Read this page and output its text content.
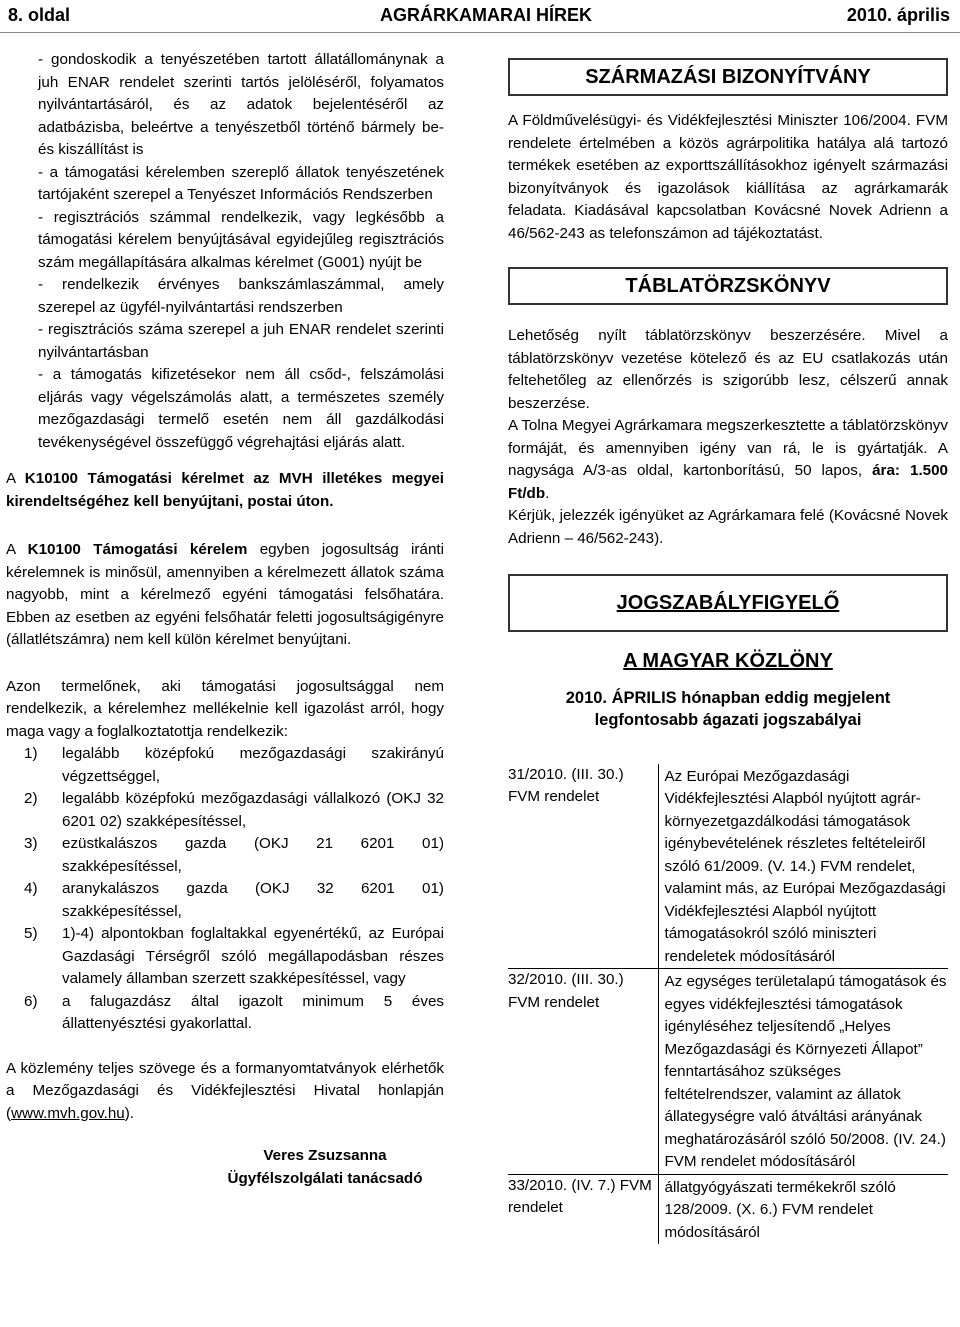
8. oldal	AGRÁRKAMARAI HÍREK	2010. április
- gondoskodik a tenyészetében tartott állatállománynak a juh ENAR rendelet szerinti tartós jelöléséről, folyamatos nyilvántartásáról, és az adatok bejelentéséről az adatbázisba, beleértve a tenyészetből történő bármely be- és kiszállítást is
- a támogatási kérelemben szereplő állatok tenyészetének tartójaként szerepel a Tenyészet Információs Rendszerben
- regisztrációs számmal rendelkezik, vagy legkésőbb a támogatási kérelem benyújtásával egyidejűleg regisztrációs szám megállapítására alkalmas kérelmet (G001) nyújt be
- rendelkezik érvényes bankszámlaszámmal, amely szerepel az ügyfél-nyilvántartási rendszerben
- regisztrációs száma szerepel a juh ENAR rendelet szerinti nyilvántartásban
- a támogatás kifizetésekor nem áll csőd-, felszámolási eljárás vagy végelszámolás alatt, a természetes személy mezőgazdasági termelő esetén nem áll gazdálkodási tevékenységével összefüggő végrehajtási eljárás alatt.
A K10100 Támogatási kérelmet az MVH illetékes megyei kirendeltségéhez kell benyújtani, postai úton.
A K10100 Támogatási kérelem egyben jogosultság iránti kérelemnek is minősül, amennyiben a kérelmezett állatok száma nagyobb, mint a kérelmező egyéni támogatási felsőhatára. Ebben az esetben az egyéni felsőhatár feletti jogosultságigényre (állatlétszámra) nem kell külön kérelmet benyújtani.
Azon termelőnek, aki támogatási jogosultsággal nem rendelkezik, a kérelemhez mellékelnie kell igazolást arról, hogy maga vagy a foglalkoztatottja rendelkezik:
1)	legalább középfokú mezőgazdasági szakirányú végzettséggel,
2)	legalább középfokú mezőgazdasági vállalkozó (OKJ 32 6201 02) szakképesítéssel,
3)	ezüstkalászos gazda (OKJ 21 6201 01) szakképesítéssel,
4)	aranykalászos gazda (OKJ 32 6201 01) szakképesítéssel,
5)	1)-4) alpontokban foglaltakkal egyenértékű, az Európai Gazdasági Térségről szóló megállapodásban részes valamely államban szerzett szakképesítéssel, vagy
6)	a falugazdász által igazolt minimum 5 éves állattenyésztési gyakorlattal.
A közlemény teljes szövege és a formanyomtatványok elérhetők a Mezőgazdasági és Vidékfejlesztési Hivatal honlapján (www.mvh.gov.hu).
Veres Zsuzsanna
Ügyfélszolgálati tanácsadó
SZÁRMAZÁSI BIZONYÍTVÁNY
A Földművelésügyi- és Vidékfejlesztési Miniszter 106/2004. FVM rendelete értelmében a közös agrárpolitika hatálya alá tartozó termékek esetében az exporttszállításokhoz igényelt származási bizonyítványok és igazolások kiállítása az agrárkamarák feladata. Kiadásával kapcsolatban Kovácsné Novek Adrienn a 46/562-243 as telefonszámon ad tájékoztatást.
TÁBLATÖRZSKÖNYV
Lehetőség nyílt táblatörzskönyv beszerzésére. Mivel a táblatörzskönyv vezetése kötelező és az EU csatlakozás után feltehetőleg az ellenőrzés is szigorúbb lesz, célszerű annak beszerzése.
A Tolna Megyei Agrárkamara megszerkesztette a táblatörzskönyv formáját, és amennyiben igény van rá, le is gyártatják. A nagysága A/3-as oldal, kartonborítású, 50 lapos, ára: 1.500 Ft/db.
Kérjük, jelezzék igényüket az Agrárkamara felé (Kovácsné Novek Adrienn – 46/562-243).
JOGSZABÁLYFIGYELŐ
A MAGYAR KÖZLÖNY
2010. ÁPRILIS hónapban eddig megjelent legfontosabb ágazati jogszabályai
31/2010. (III. 30.) FVM rendelet	Az Európai Mezőgazdasági Vidékfejlesztési Alapból nyújtott agrár-környezetgazdálkodási támogatások igénybevételének részletes feltételeiről szóló 61/2009. (V. 14.) FVM rendelet, valamint más, az Európai Mezőgazdasági Vidékfejlesztési Alapból nyújtott támogatásokról szóló miniszteri rendeletek módosításáról
32/2010. (III. 30.) FVM rendelet	Az egységes területalapú támogatások és egyes vidékfejlesztési támogatások igényléséhez teljesítendő „Helyes Mezőgazdasági és Környezeti Állapot” fenntartásához szükséges feltételrendszer, valamint az állatok állategységre való átváltási arányának meghatározásáról szóló 50/2008. (IV. 24.) FVM rendelet módosításáról
33/2010. (IV. 7.) FVM rendelet	állatgyógyászati termékekről szóló 128/2009. (X. 6.) FVM rendelet módosításáról
